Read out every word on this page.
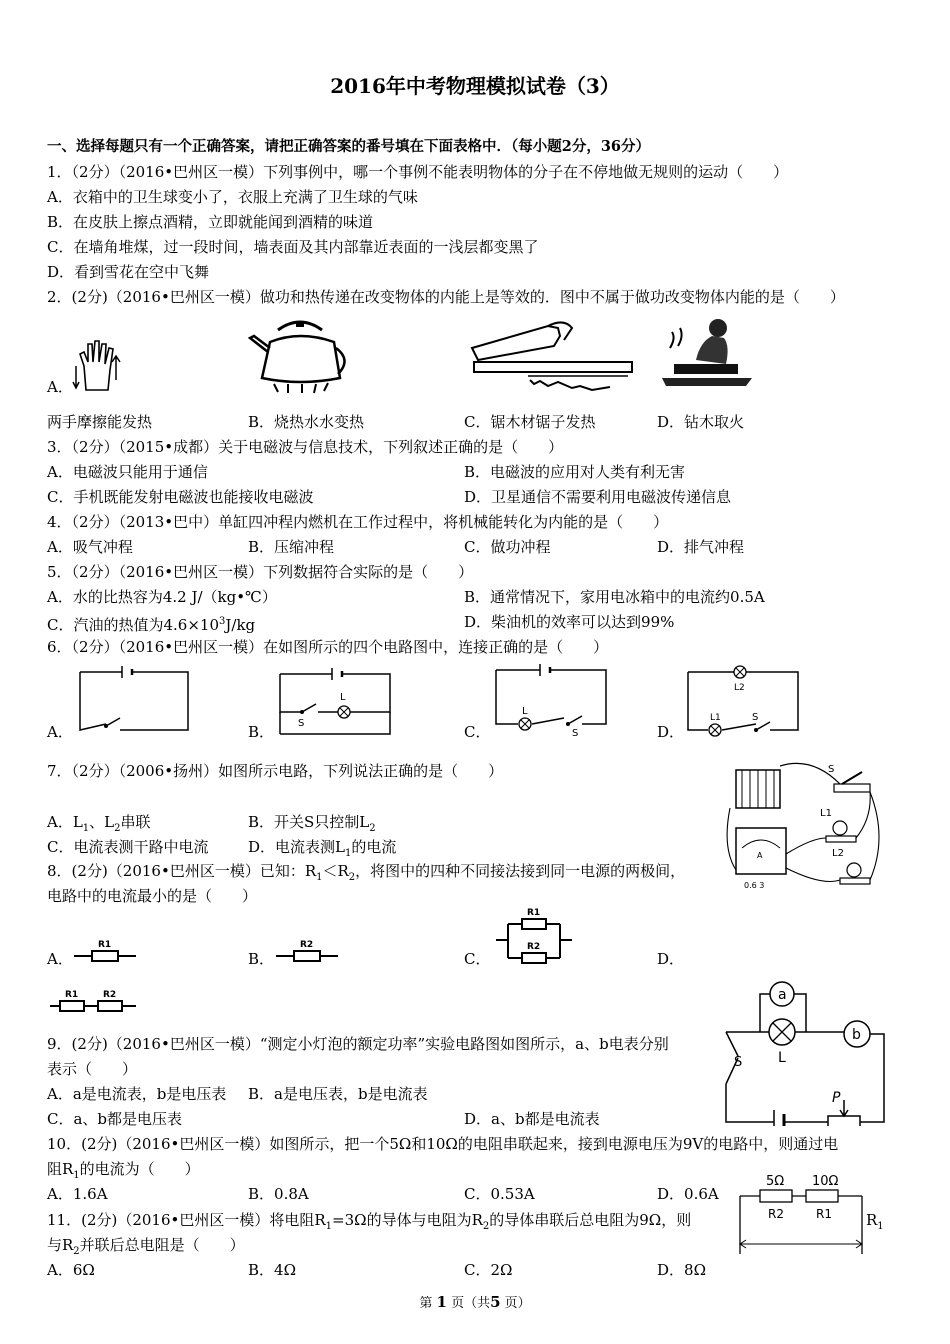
2016年中考物理模拟试卷（3）
一、选择每题只有一个正确答案，请把正确答案的番号填在下面表格中．（每小题2分，36分）
1．（2分）（2016•巴州区一模）下列事例中，哪一个事例不能表明物体的分子在不停地做无规则的运动（　　）
A．衣箱中的卫生球变小了，衣服上充满了卫生球的气味
B．在皮肤上擦点酒精，立即就能闻到酒精的味道
C．在墙角堆煤，过一段时间，墙表面及其内部靠近表面的一浅层都变黑了
D．看到雪花在空中飞舞
2．(2分)（2016•巴州区一模）做功和热传递在改变物体的内能上是等效的．图中不属于做功改变物体内能的是（　　）
A．
两手摩擦能发热	B．烧热水水变热	C．锯木材锯子发热	D．钻木取火
3．（2分）（2015•成都）关于电磁波与信息技术，下列叙述正确的是（　　）
A．电磁波只能用于通信	B．电磁波的应用对人类有利无害
C．手机既能发射电磁波也能接收电磁波	D．卫星通信不需要利用电磁波传递信息
4．（2分）（2013•巴中）单缸四冲程内燃机在工作过程中，将机械能转化为内能的是（　　）
A．吸气冲程	B．压缩冲程	C．做功冲程	D．排气冲程
5．（2分）（2016•巴州区一模）下列数据符合实际的是（　　）
A．水的比热容为4.2 J/（kg•℃）	B．通常情况下，家用电冰箱中的电流约0.5A
C．汽油的热值为$4.6\times 10^3J/kg$	D．柴油机的效率可以达到99%
6．（2分）（2016•巴州区一模）在如图所示的四个电路图中，连接正确的是（　　）
A．	B．	C．	D．
S
L
L
S
L2
L1	S
7．（2分）（2006•扬州）如图所示电路，下列说法正确的是（　　）
A．$L_1$、$L_2$串联	B．开关S只控制$L_2$
C．电流表测干路中电流	D．电流表测$L_1$的电流
S
L1
L2
A
0.6 3
8．(2分)（2016•巴州区一模）已知：$R_1<R_2$，将图中的四种不同接法接到同一电源的两极间，
电路中的电流最小的是（　　）
A．	B．	C．	D．
R1	R2
R1
R2
R1	R2
9．(2分)（2016•巴州区一模）“测定小灯泡的额定功率”实验电路图如图所示，a、b电表分别
表示（　　）
A．a是电流表，b是电压表 B．a是电压表，b是电流表
C．a、b都是电压表	D．a、b都是电流表
a
L
b
S
P
10．(2分)（2016•巴州区一模）如图所示，把一个5Ω和10Ω的电阻串联起来，接到电源电压为9V的电路中，则通过电
阻$R_1$的电流为（　　）
A．1.6A	B．0.8A	C．0.53A	D．0.6A
5Ω 10Ω
R2	R1
11．(2分)（2016•巴州区一模）将电阻$R_1=3\Omega$的导体与电阻为$R_2$的导体串联后总电阻为9Ω，则	$R_1$
与$R_2$并联后总电阻是（　　）
A．6Ω	B．4Ω	C．2Ω	D．8Ω
第 1 页（共5 页）
